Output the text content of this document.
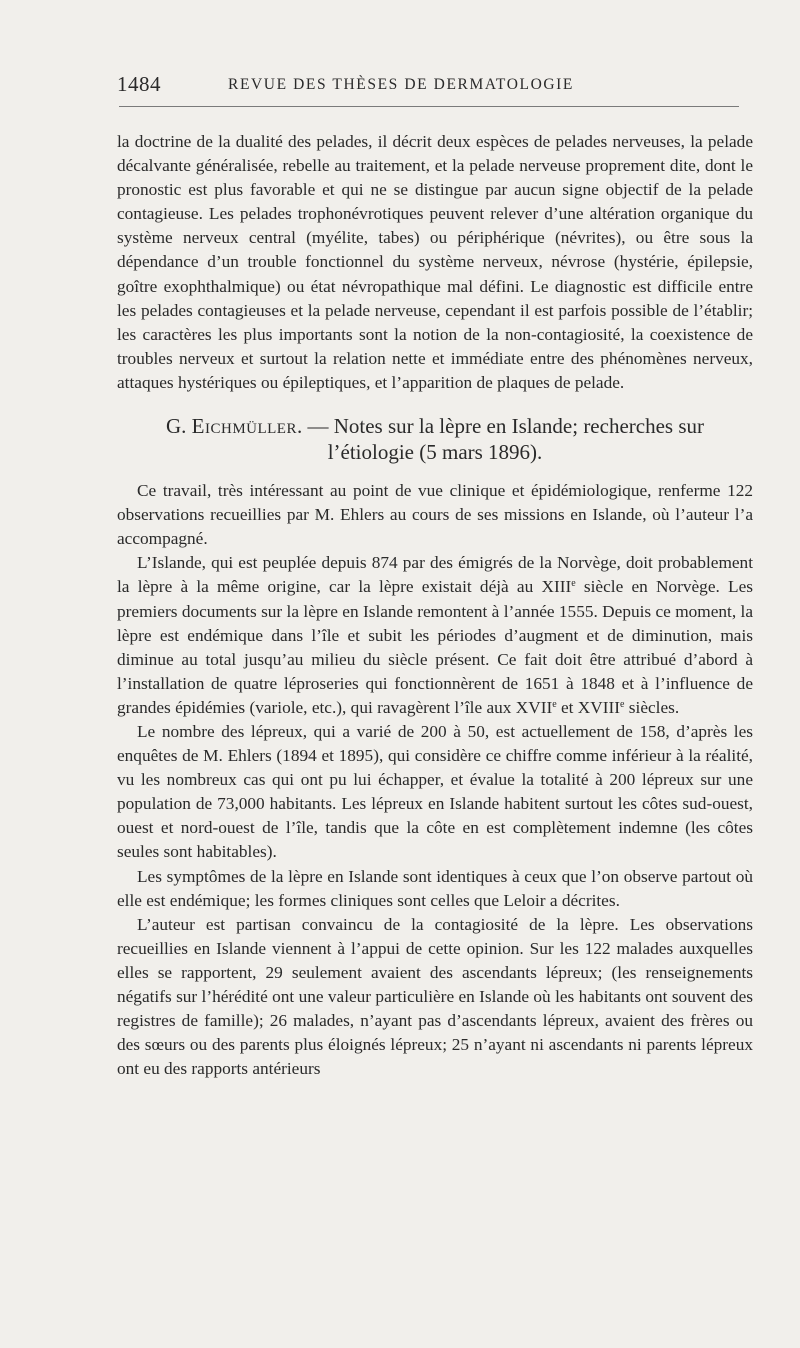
1484	REVUE DES THÈSES DE DERMATOLOGIE

la doctrine de la dualité des pelades, il décrit deux espèces de pelades nerveuses, la pelade décalvante généralisée, rebelle au traitement, et la pelade nerveuse proprement dite, dont le pronostic est plus favorable et qui ne se distingue par aucun signe objectif de la pelade contagieuse. Les pelades trophonévrotiques peuvent relever d’une altération organique du système nerveux central (myélite, tabes) ou périphérique (névrites), ou être sous la dépendance d’un trouble fonctionnel du système nerveux, névrose (hystérie, épilepsie, goître exophthalmique) ou état névropathique mal défini. Le diagnostic est difficile entre les pelades contagieuses et la pelade nerveuse, cependant il est parfois possible de l’établir; les caractères les plus importants sont la notion de la non-contagiosité, la coexistence de troubles nerveux et surtout la relation nette et immédiate entre des phénomènes nerveux, attaques hystériques ou épileptiques, et l’apparition de plaques de pelade.

G. Eichmüller. — Notes sur la lèpre en Islande; recherches sur
l’étiologie (5 mars 1896).

Ce travail, très intéressant au point de vue clinique et épidémiologique, renferme 122 observations recueillies par M. Ehlers au cours de ses missions en Islande, où l’auteur l’a accompagné.

L’Islande, qui est peuplée depuis 874 par des émigrés de la Norvège, doit probablement la lèpre à la même origine, car la lèpre existait déjà au XIIIe siècle en Norvège. Les premiers documents sur la lèpre en Islande remontent à l’année 1555. Depuis ce moment, la lèpre est endémique dans l’île et subit les périodes d’augment et de diminution, mais diminue au total jusqu’au milieu du siècle présent. Ce fait doit être attribué d’abord à l’installation de quatre léproseries qui fonctionnèrent de 1651 à 1848 et à l’influence de grandes épidémies (variole, etc.), qui ravagèrent l’île aux XVIIe et XVIIIe siècles.

Le nombre des lépreux, qui a varié de 200 à 50, est actuellement de 158, d’après les enquêtes de M. Ehlers (1894 et 1895), qui considère ce chiffre comme inférieur à la réalité, vu les nombreux cas qui ont pu lui échapper, et évalue la totalité à 200 lépreux sur une population de 73,000 habitants. Les lépreux en Islande habitent surtout les côtes sud-ouest, ouest et nord-ouest de l’île, tandis que la côte en est complètement indemne (les côtes seules sont habitables).

Les symptômes de la lèpre en Islande sont identiques à ceux que l’on observe partout où elle est endémique; les formes cliniques sont celles que Leloir a décrites.

L’auteur est partisan convaincu de la contagiosité de la lèpre. Les observations recueillies en Islande viennent à l’appui de cette opinion. Sur les 122 malades auxquelles elles se rapportent, 29 seulement avaient des ascendants lépreux; (les renseignements négatifs sur l’hérédité ont une valeur particulière en Islande où les habitants ont souvent des registres de famille); 26 malades, n’ayant pas d’ascendants lépreux, avaient des frères ou des sœurs ou des parents plus éloignés lépreux; 25 n’ayant ni ascendants ni parents lépreux ont eu des rapports antérieurs
